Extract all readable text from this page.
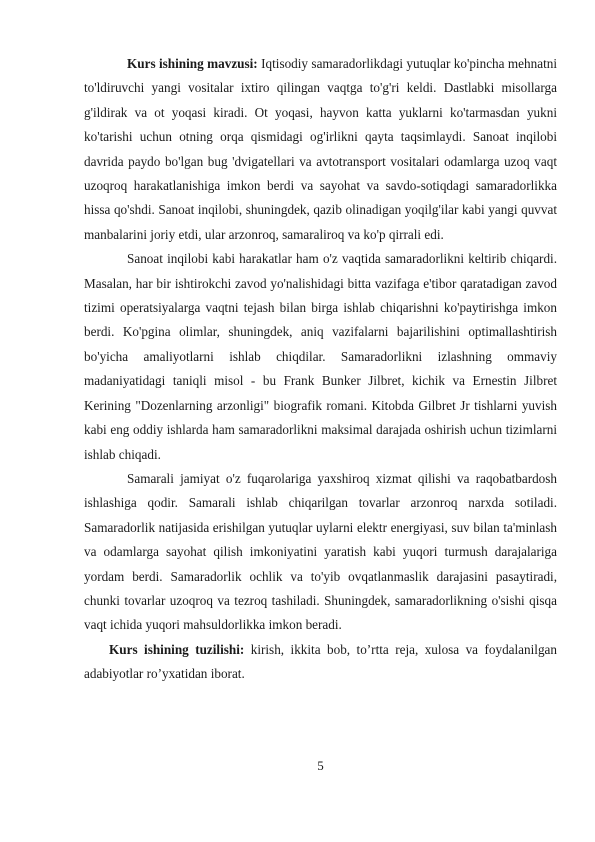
Kurs ishining mavzusi: Iqtisodiy samaradorlikdagi yutuqlar ko'pincha mehnatni to'ldiruvchi yangi vositalar ixtiro qilingan vaqtga to'g'ri keldi. Dastlabki misollarga g'ildirak va ot yoqasi kiradi. Ot yoqasi, hayvon katta yuklarni ko'tarmasdan yukni ko'tarishi uchun otning orqa qismidagi og'irlikni qayta taqsimlaydi. Sanoat inqilobi davrida paydo bo'lgan bug 'dvigatellari va avtotransport vositalari odamlarga uzoq vaqt uzoqroq harakatlanishiga imkon berdi va sayohat va savdo-sotiqdagi samaradorlikka hissa qo'shdi. Sanoat inqilobi, shuningdek, qazib olinadigan yoqilg'ilar kabi yangi quvvat manbalarini joriy etdi, ular arzonroq, samaraliroq va ko'p qirrali edi.

Sanoat inqilobi kabi harakatlar ham o'z vaqtida samaradorlikni keltirib chiqardi. Masalan, har bir ishtirokchi zavod yo'nalishidagi bitta vazifaga e'tibor qaratadigan zavod tizimi operatsiyalarga vaqtni tejash bilan birga ishlab chiqarishni ko'paytirishga imkon berdi. Ko'pgina olimlar, shuningdek, aniq vazifalarni bajarilishini optimallashtirish bo'yicha amaliyotlarni ishlab chiqdilar. Samaradorlikni izlashning ommaviy madaniyatidagi taniqli misol - bu Frank Bunker Jilbret, kichik va Ernestin Jilbret Kerining "Dozenlarning arzonligi" biografik romani. Kitobda Gilbret Jr tishlarni yuvish kabi eng oddiy ishlarda ham samaradorlikni maksimal darajada oshirish uchun tizimlarni ishlab chiqadi.

Samarali jamiyat o'z fuqarolariga yaxshiroq xizmat qilishi va raqobatbardosh ishlashiga qodir. Samarali ishlab chiqarilgan tovarlar arzonroq narxda sotiladi. Samaradorlik natijasida erishilgan yutuqlar uylarni elektr energiyasi, suv bilan ta'minlash va odamlarga sayohat qilish imkoniyatini yaratish kabi yuqori turmush darajalariga yordam berdi. Samaradorlik ochlik va to'yib ovqatlanmaslik darajasini pasaytiradi, chunki tovarlar uzoqroq va tezroq tashiladi. Shuningdek, samaradorlikning o'sishi qisqa vaqt ichida yuqori mahsuldorlikka imkon beradi.

Kurs ishining tuzilishi: kirish, ikkita bob, to’rtta reja, xulosa va foydalanilgan adabiyotlar ro’yxatidan iborat.

5
